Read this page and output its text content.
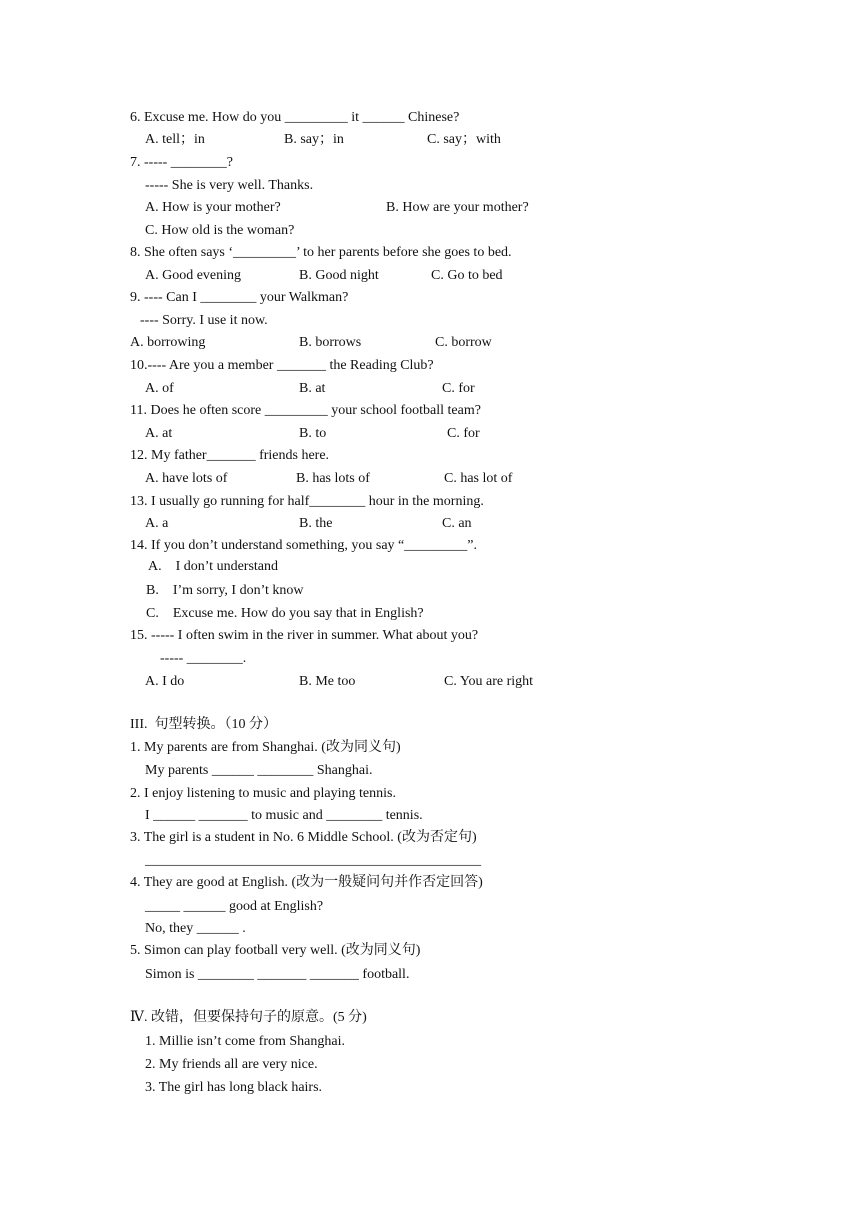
6. Excuse me. How do you _________ it ______ Chinese?
A. tell；in	B. say；in	C. say；with
7. ----- ________?
----- She is very well. Thanks.
A. How is your mother?	B. How are your mother?
C. How old is the woman?
8. She often says ‘_________’ to her parents before she goes to bed.
A. Good evening	B. Good night	C. Go to bed
9. ---- Can I ________ your Walkman?
---- Sorry. I use it now.
A. borrowing	B. borrows	C. borrow
10.---- Are you a member _______ the Reading Club?
A. of	B. at	C. for
11. Does he often score _________ your school football team?
A. at	B. to	C. for
12. My father_______ friends here.
A. have lots of	B. has lots of	C. has lot of
13. I usually go running for half________ hour in the morning.
A. a	B. the	C. an
14. If you don’t understand something, you say “_________”.
A.    I don’t understand
B.    I’m sorry, I don’t know
C.    Excuse me. How do you say that in English?
15. ----- I often swim in the river in summer. What about you?
----- ________.
A. I do	B. Me too	C. You are right
III.  句型转换。（10 分）
1. My parents are from Shanghai. (改为同义句)
My parents ______ ________ Shanghai.
2. I enjoy listening to music and playing tennis.
I ______ _______ to music and ________ tennis.
3. The girl is a student in No. 6 Middle School. (改为否定句)
________________________________________________
4. They are good at English. (改为一般疑问句并作否定回答)
_____ ______ good at English?
No, they ______ .
5. Simon can play football very well. (改为同义句)
Simon is ________ _______ _______ football.
Ⅳ. 改错，但要保持句子的原意。(5 分)
1. Millie isn’t come from Shanghai.
2. My friends all are very nice.
3. The girl has long black hairs.
